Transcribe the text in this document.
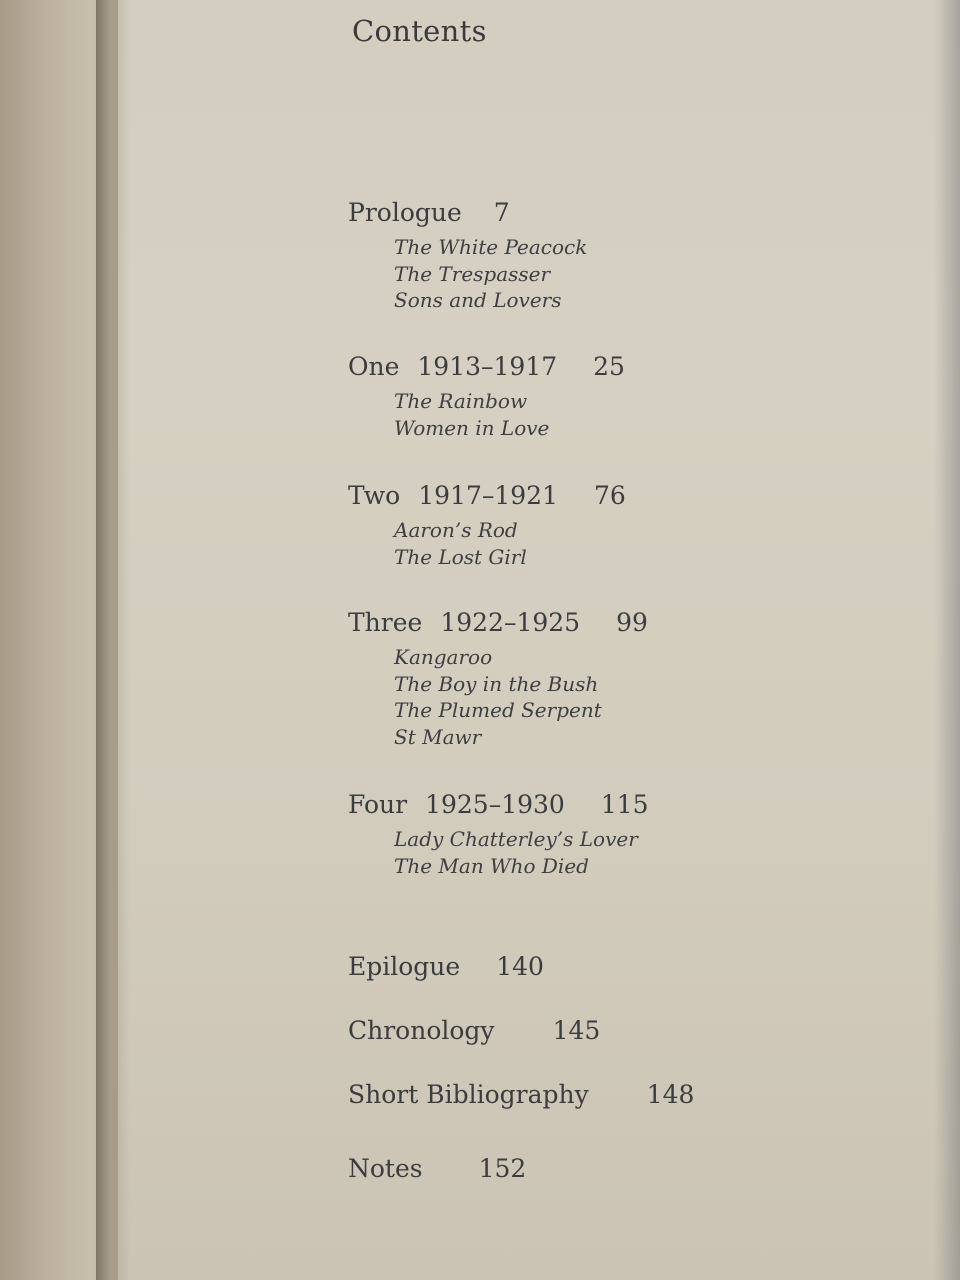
Contents
Prologue 7
The White Peacock
The Trespasser
Sons and Lovers
One 1913–1917 25
The Rainbow
Women in Love
Two 1917–1921 76
Aaron’s Rod
The Lost Girl
Three 1922–1925 99
Kangaroo
The Boy in the Bush
The Plumed Serpent
St Mawr
Four 1925–1930 115
Lady Chatterley’s Lover
The Man Who Died
Epilogue 140
Chronology 145
Short Bibliography 148
Notes 152
